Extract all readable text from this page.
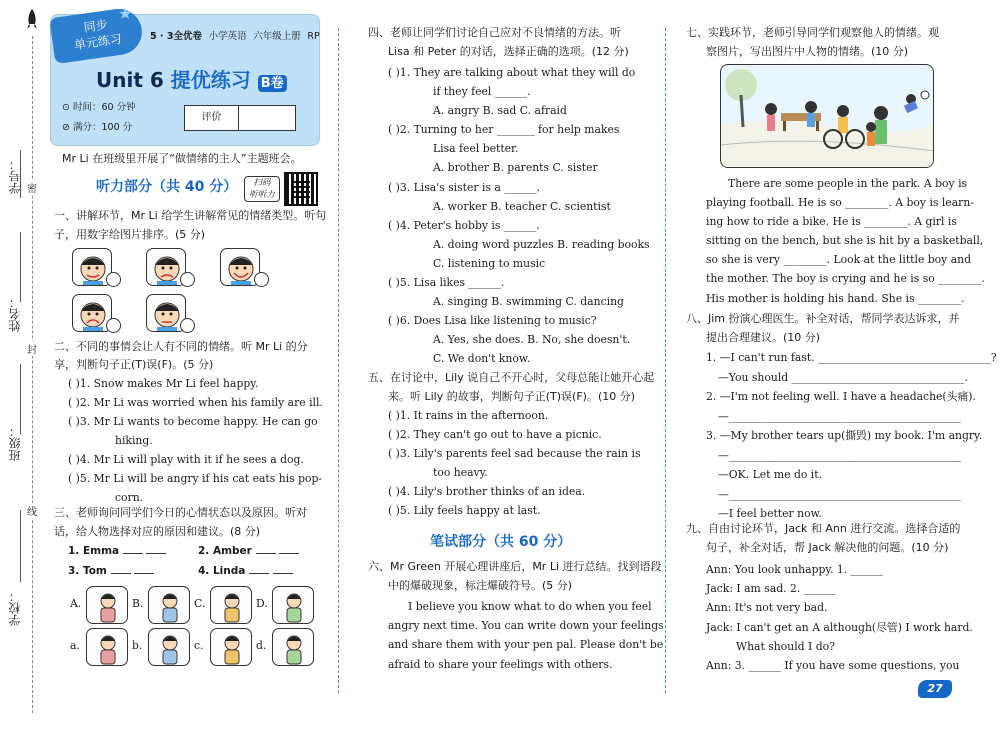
学号：
姓名：
班级：
学校：
密
封
线
同步
单元练习
★
5 · 3全优卷 小学英语 六年级上册 RP
Unit 6 提优练习 B卷
⊙ 时间：60 分钟
⊘ 满分：100 分
评价
Mr Li 在班级里开展了“做情绪的主人”主题班会。
听力部分（共 40 分）	扫码
听听力
一、讲解环节，Mr Li 给学生讲解常见的情绪类型。听句
子，用数字给图片排序。(5 分)
二、不同的事情会让人有不同的情绪。听 Mr Li 的分
享，判断句子正(T)误(F)。(5 分)
( )1. Snow makes Mr Li feel happy.
( )2. Mr Li was worried when his family are ill.
( )3. Mr Li wants to become happy. He can go
hiking.
( )4. Mr Li will play with it if he sees a dog.
( )5. Mr Li will be angry if his cat eats his pop-
corn.
三、老师询问同学们今日的心情状态以及原因。听对
话，给人物选择对应的原因和建议。(8 分)
1. Emma	2. Amber
3. Tom	4. Linda
A.	B.	C.	D.
a.	b.	c.	d.
四、老师让同学们讨论自己应对不良情绪的方法。听
Lisa 和 Peter 的对话，选择正确的选项。(12 分)
( )1. They are talking about what they will do
if they feel ______.
A. angry B. sad C. afraid
( )2. Turning to her _______ for help makes
Lisa feel better.
A. brother B. parents C. sister
( )3. Lisa's sister is a ______.
A. worker B. teacher C. scientist
( )4. Peter's hobby is ______.
A. doing word puzzles B. reading books
C. listening to music
( )5. Lisa likes ______.
A. singing B. swimming C. dancing
( )6. Does Lisa like listening to music?
A. Yes, she does. B. No, she doesn't.
C. We don't know.
五、在讨论中，Lily 说自己不开心时，父母总能让她开心起
来。听 Lily 的故事，判断句子正(T)误(F)。(10 分)
( )1. It rains in the afternoon.
( )2. They can't go out to have a picnic.
( )3. Lily's parents feel sad because the rain is
too heavy.
( )4. Lily's brother thinks of an idea.
( )5. Lily feels happy at last.
笔试部分（共 60 分）
六、Mr Green 开展心理讲座后，Mr Li 进行总结。找到语段
中的爆破现象，标注爆破符号。(5 分)
I believe you know what to do when you feel
angry next time. You can write down your feelings
and share them with your pen pal. Please don't be
afraid to share your feelings with others.
七、实践环节，老师引导同学们观察他人的情绪。观
察图片，写出图片中人物的情绪。(10 分)
There are some people in the park. A boy is
playing football. He is so ________. A boy is learn-
ing how to ride a bike. He is ________. A girl is
sitting on the bench, but she is hit by a basketball,
so she is very ________. Look at the little boy and
the mother. The boy is crying and he is so ________.
His mother is holding his hand. She is ________.
八、Jim 扮演心理医生。补全对话，帮同学表达诉求，并
提出合理建议。(10 分)
1. —I can't run fast. ________________________________?
—You should ________________________________.
2. —I'm not feeling well. I have a headache(头痛).
—___________________________________________
3. —My brother tears up(撕毁) my book. I'm angry.
—___________________________________________
—OK. Let me do it.
—___________________________________________
—I feel better now.
九、自由讨论环节，Jack 和 Ann 进行交流。选择合适的
句子，补全对话，帮 Jack 解决他的问题。(10 分)
Ann: You look unhappy. 1. ______
Jack: I am sad. 2. ______
Ann: It's not very bad.
Jack: I can't get an A although(尽管) I work hard.
What should I do?
Ann: 3. ______ If you have some questions, you
27
